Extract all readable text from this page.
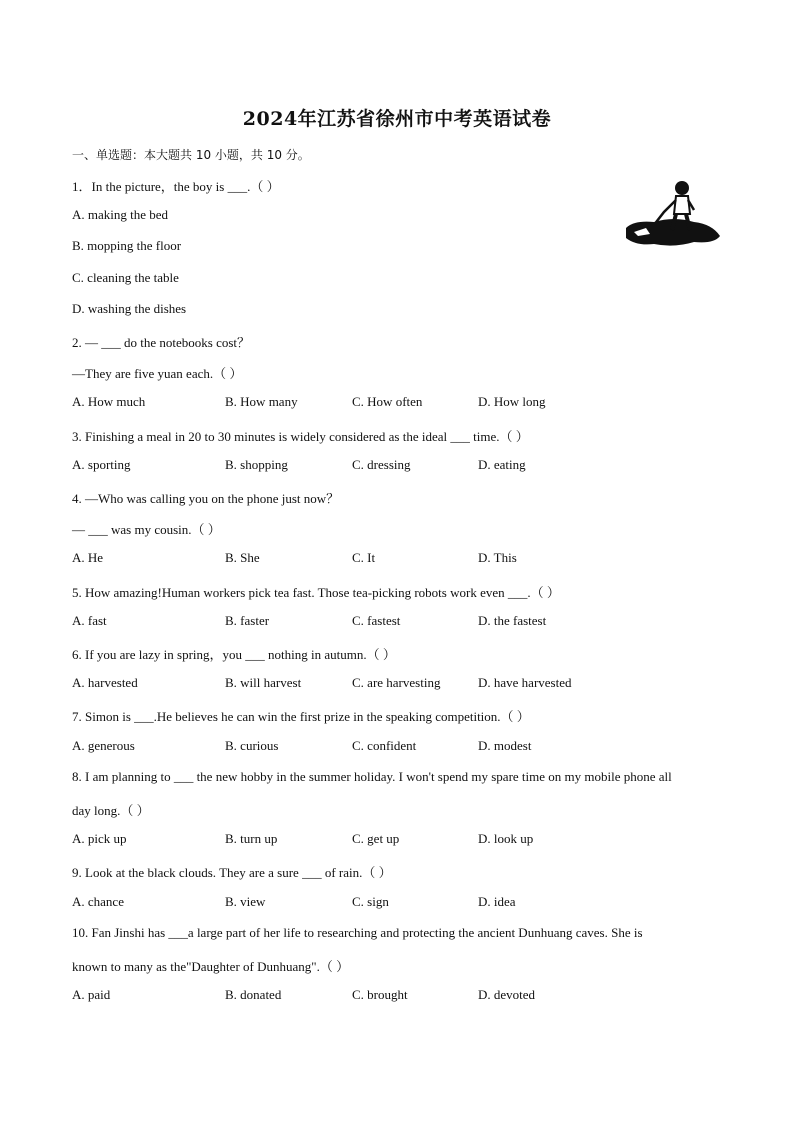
2024年江苏省徐州市中考英语试卷
一、单选题：本大题共 10 小题，共 10 分。
1．In the picture，the boy is ___.（ ）
A. making the bed
B. mopping the floor
C. cleaning the table
D. washing the dishes
2. — ___ do the notebooks cost？
—They are five yuan each.（ ）
A. How much	B. How many	C. How often	D. How long
3. Finishing a meal in 20 to 30 minutes is widely considered as the ideal ___ time.（ ）
A. sporting	B. shopping	C. dressing	D. eating
4. —Who was calling you on the phone just now？
— ___ was my cousin.（ ）
A. He	B. She	C. It	D. This
5. How amazing!Human workers pick tea fast. Those tea-picking robots work even ___.（ ）
A. fast	B. faster	C. fastest	D. the fastest
6. If you are lazy in spring，you ___ nothing in autumn.（ ）
A. harvested	B. will harvest	C. are harvesting	D. have harvested
7. Simon is ___.He believes he can win the first prize in the speaking competition.（ ）
A. generous	B. curious	C. confident	D. modest
8. I am planning to ___ the new hobby in the summer holiday. I won't spend my spare time on my mobile phone all
day long.（ ）
A. pick up	B. turn up	C. get up	D. look up
9. Look at the black clouds. They are a sure ___ of rain.（ ）
A. chance	B. view	C. sign	D. idea
10. Fan Jinshi has ___a large part of her life to researching and protecting the ancient Dunhuang caves. She is
known to many as the"Daughter of Dunhuang".（ ）
A. paid	B. donated	C. brought	D. devoted
